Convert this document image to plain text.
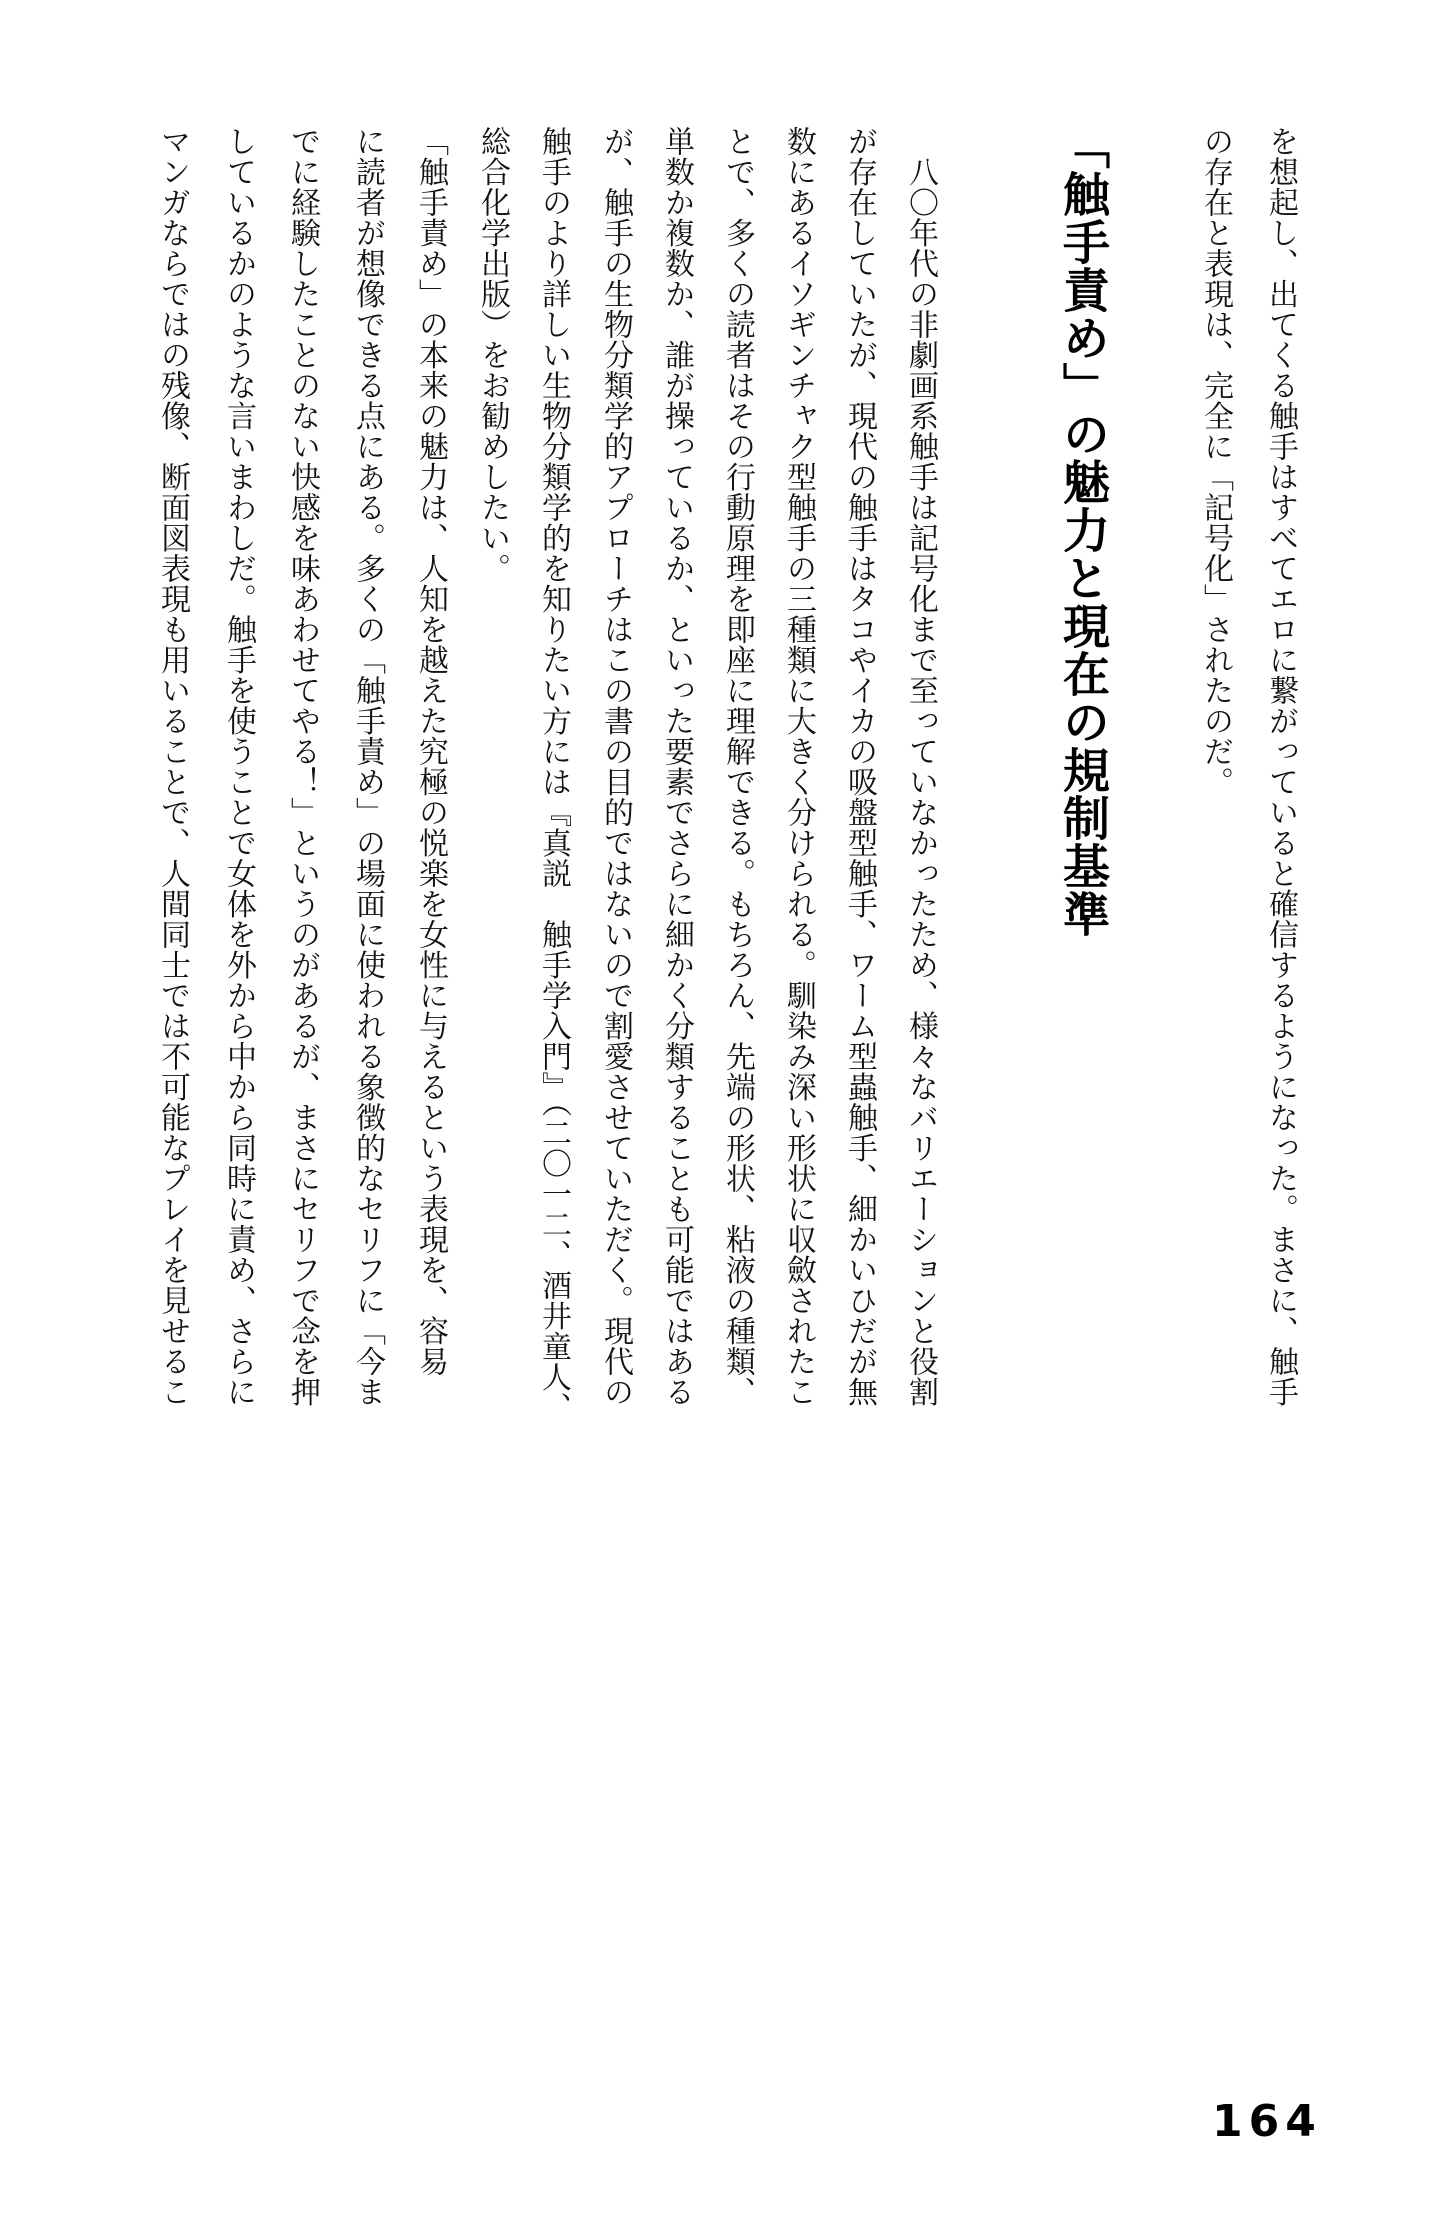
を想起し、出てくる触手はすべてエロに繋がっていると確信するようになった。まさに、触手
の存在と表現は、完全に「記号化」されたのだ。
「触手責め」の魅力と現在の規制基準
　八〇年代の非劇画系触手は記号化まで至っていなかったため、様々なバリエーションと役割
が存在していたが、現代の触手はタコやイカの吸盤型触手、ワーム型蟲触手、細かいひだが無
数にあるイソギンチャク型触手の三種類に大きく分けられる。馴染み深い形状に収斂されたこ
とで、多くの読者はその行動原理を即座に理解できる。もちろん、先端の形状、粘液の種類、
単数か複数か、誰が操っているか、といった要素でさらに細かく分類することも可能ではある
が、触手の生物分類学的アプローチはこの書の目的ではないので割愛させていただく。現代の
触手のより詳しい生物分類学的を知りたい方には『真説　触手学入門』（二〇一二、酒井童人、
総合化学出版）をお勧めしたい。
「触手責め」の本来の魅力は、人知を越えた究極の悦楽を女性に与えるという表現を、容易
に読者が想像できる点にある。多くの「触手責め」の場面に使われる象徴的なセリフに「今ま
でに経験したことのない快感を味あわせてやる！」というのがあるが、まさにセリフで念を押
しているかのような言いまわしだ。触手を使うことで女体を外から中から同時に責め、さらに
マンガならではの残像、断面図表現も用いることで、人間同士では不可能なプレイを見せるこ
164
